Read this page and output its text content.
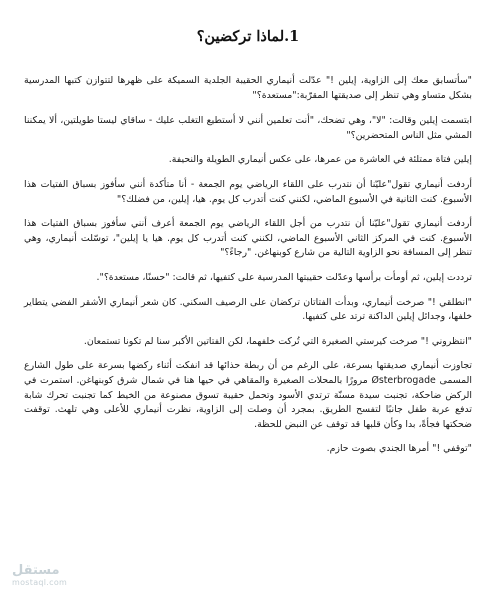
1.لماذا تركضين؟

"سأتسابق معك إلى الزاوية، إيلين !" عدّلت أنيماري الحقيبة الجلدية السميكة على ظهرها لتتوازن كتبها المدرسية بشكل متساو وهي تنظر إلى صديقتها المقرّبة:"مستعدة؟"

ابتسمت إيلين وقالت: "لا"، وهي تضحك، "أنت تعلمين أنني لا أستطيع التغلب عليك - ساقاي ليستا طويلتين، ألا يمكننا المشي مثل الناس المتحضرين؟"

إيلين فتاة ممتلئة في العاشرة من عمرها، على عكس أنيماري الطويلة والنحيفة.

أردفت أنيماري تقول"عليّنا أن نتدرب على اللقاء الرياضي يوم الجمعة - أنا متأكدة أنني سأفوز بسباق الفتيات هذا الأسبوع. كنت الثانية في الأسبوع الماضي، لكنني كنت أتدرب كل يوم. هيا، إيلين، من فضلك؟"

أردفت أنيماري تقول"عليّنا أن نتدرب من أجل اللقاء الرياضي يوم الجمعة أعرف أنني سأفوز بسباق الفتيات هذا الأسبوع. كنت في المركز الثاني الأسبوع الماضي، لكنني كنت أتدرب كل يوم. هيا يا إيلين"، توسّلت أنيماري، وهي تنظر إلى المسافة نحو الزاوية التالية من شارع كوبنهاغن. "رجاءً؟"

ترددت إيلين، ثم أومأت برأسها وعدّلت حقيبتها المدرسية على كتفيها، ثم قالت: "حسنًا، مستعدة؟".

"انطلقي !" صرخت أنيماري، وبدأت الفتاتان تركضان على الرصيف السكني. كان شعر أنيماري الأشقر الفضي يتطاير خلفها، وجدائل إيلين الداكنة ترتد على كتفيها.

"انتظروني !" صرخت كيرستي الصغيرة التي تُركت خلفهما، لكن الفتاتين الأكبر سنا لم تكونا تستمعان.

تجاوزت أنيماري صديقتها بسرعة، على الرغم من أن ربطة حذائها قد انفكت أثناء ركضها بسرعة على طول الشارع المسمى Østerbrogade مرورًا بالمحلات الصغيرة والمقاهي في حيها هنا في شمال شرق كوبنهاغن. استمرت في الركض ضاحكة، تجنبت سيدة مسنّة ترتدي الأسود وتحمل حقيبة تسوق مصنوعة من الخيط كما تجنبت تحرك شابة تدفع عربة طفل جانبًا لتفسح الطريق. بمجرد أن وصلت إلى الزاوية، نظرت أنيماري للأعلى وهي تلهث. توقفت ضحكتها فجأةً، بدا وكأن قلبها قد توقف عن النبض للحظة.

"توقفي !" أمرها الجندي بصوت حازم.

مستقل
mostaql.com
